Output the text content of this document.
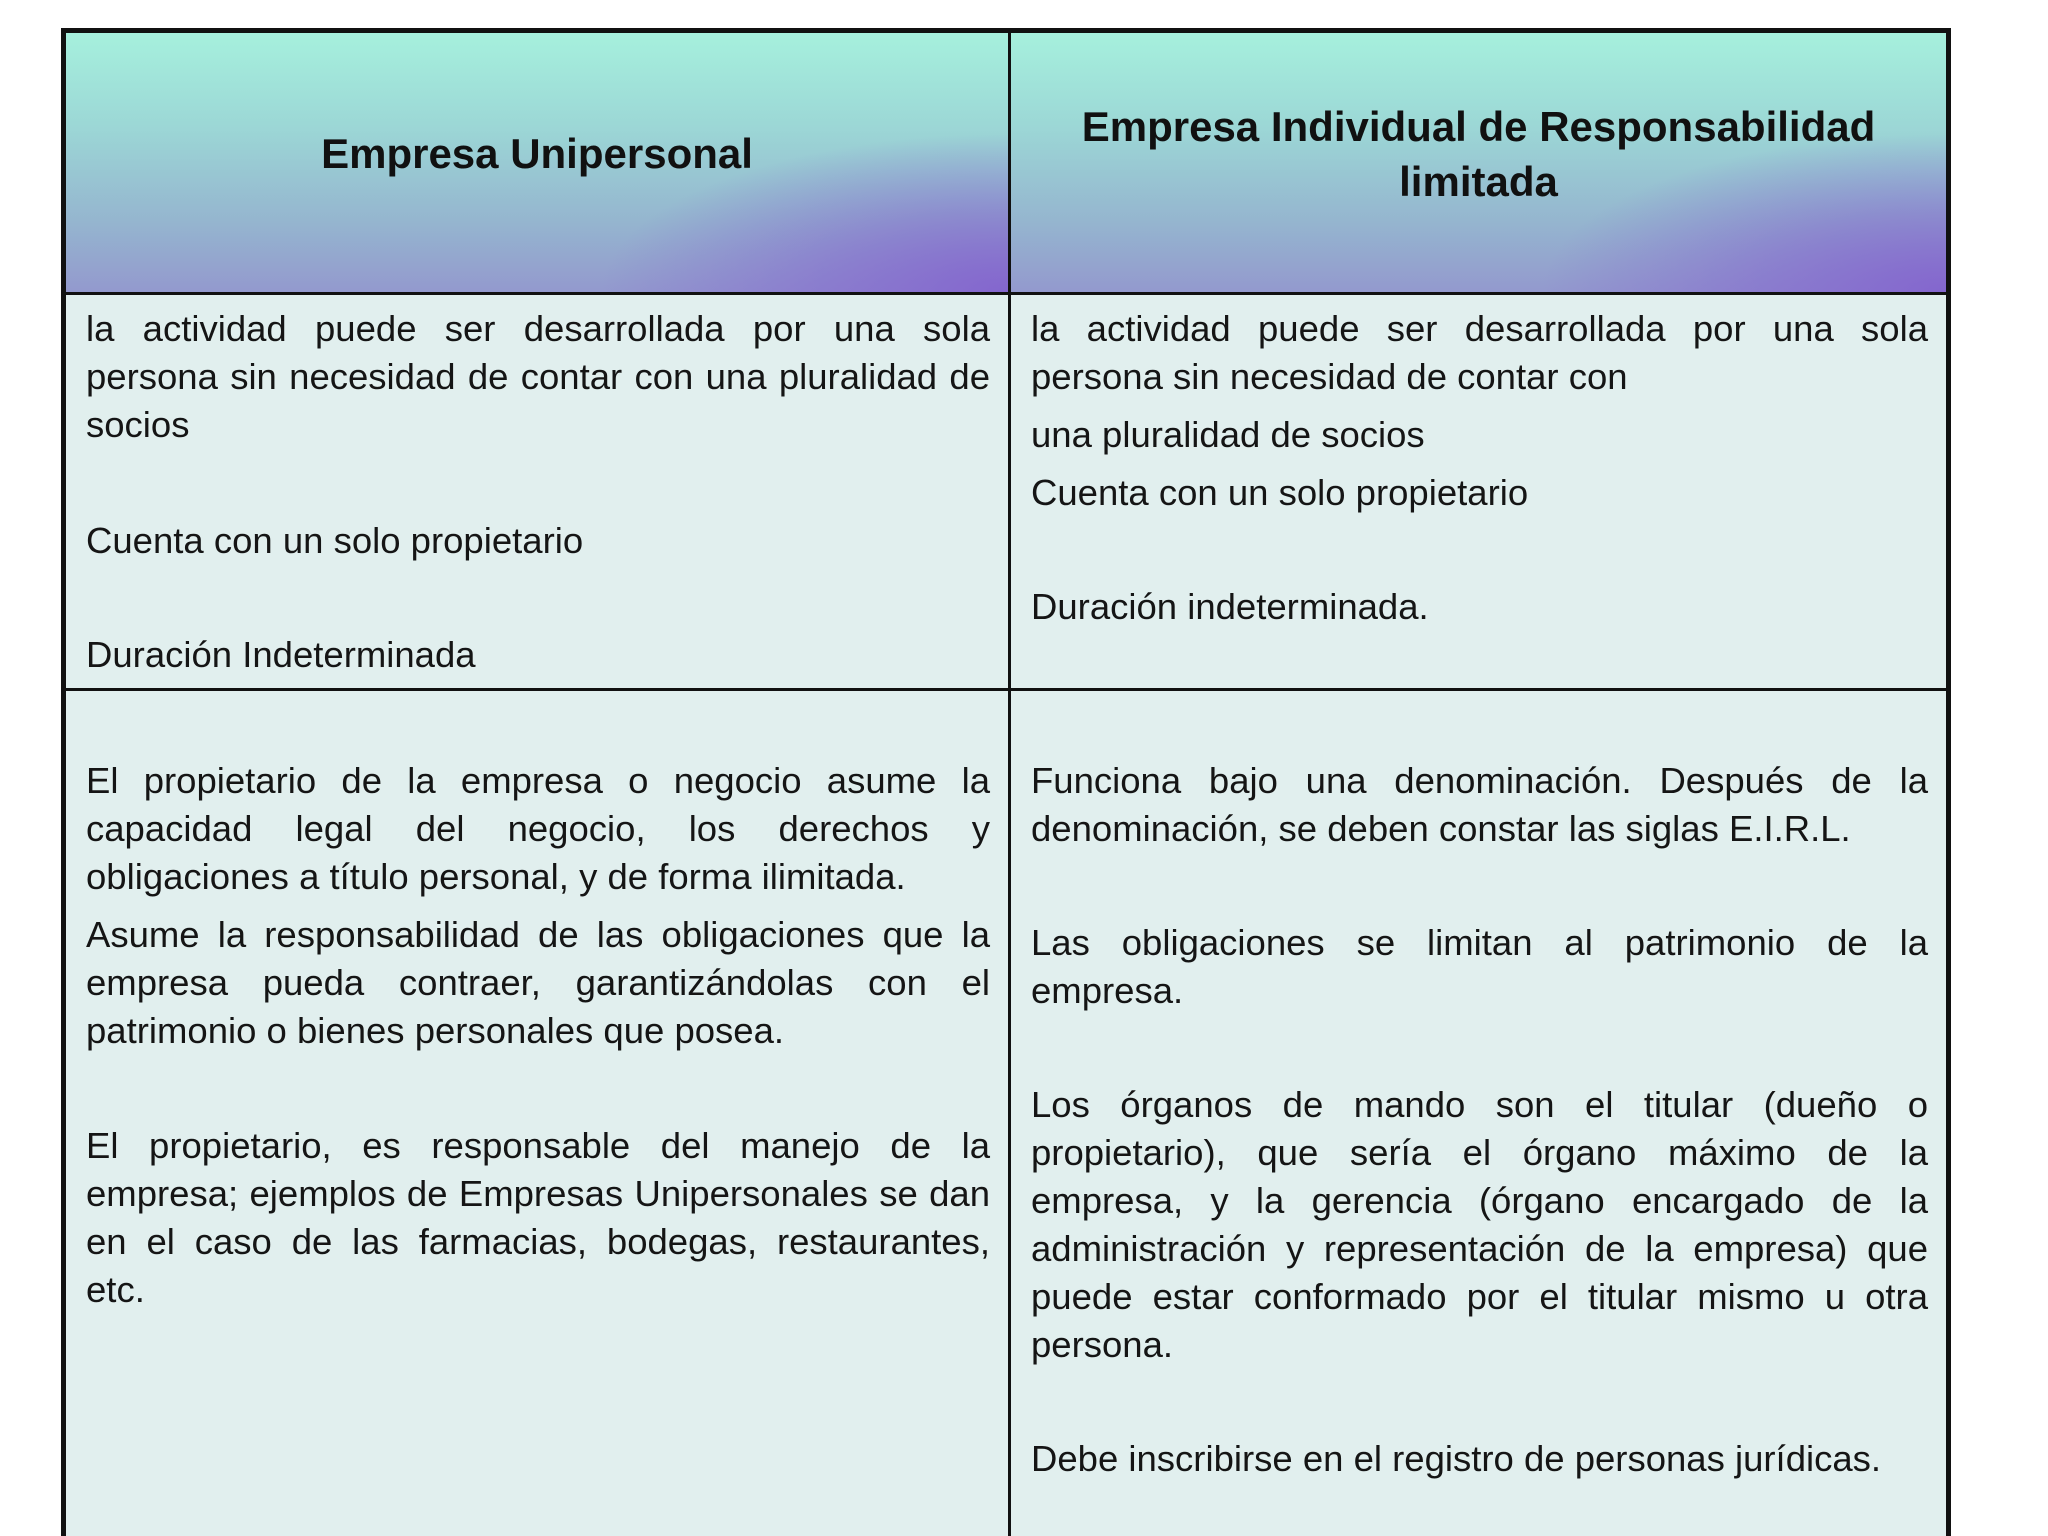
Empresa Unipersonal
Empresa Individual de Responsabilidad limitada

la actividad puede ser desarrollada por una sola persona sin necesidad de contar con una pluralidad de socios

Cuenta con un solo propietario

Duración Indeterminada

la actividad puede ser desarrollada por una sola persona sin necesidad de contar con

una pluralidad de socios

Cuenta con un solo propietario

Duración indeterminada.

El propietario de la empresa o negocio asume la capacidad legal del negocio, los derechos y obligaciones a título personal, y de forma ilimitada.

Asume la responsabilidad de las obligaciones que la empresa pueda contraer, garantizándolas con el patrimonio o bienes personales que posea.

El propietario, es responsable del manejo de la empresa; ejemplos de Empresas Unipersonales se dan en el caso de las farmacias, bodegas, restaurantes, etc.

Funciona bajo una denominación. Después de la denominación, se deben constar las siglas E.I.R.L.

Las obligaciones se limitan al patrimonio de la empresa.

Los órganos de mando son el titular (dueño o propietario), que sería el órgano máximo de la empresa, y la gerencia (órgano encargado de la administración y representación de la empresa) que puede estar conformado por el titular mismo u otra persona.

Debe inscribirse en el registro de personas jurídicas.
